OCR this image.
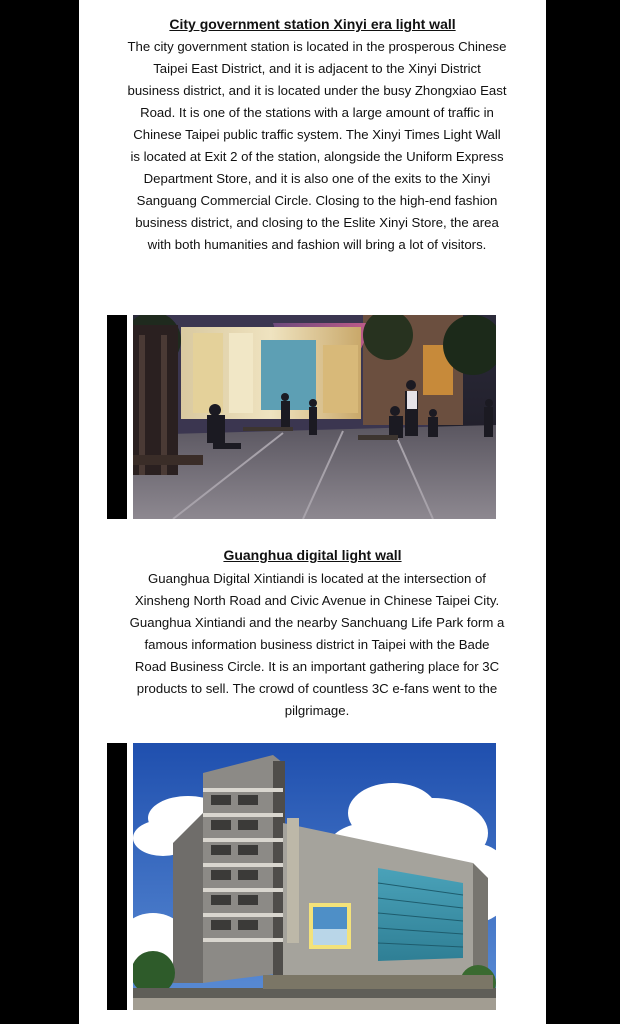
City government station Xinyi era light wall
The city government station is located in the prosperous Chinese Taipei East District, and it is adjacent to the Xinyi District business district, and it is located under the busy Zhongxiao East Road. It is one of the stations with a large amount of traffic in Chinese Taipei public traffic system. The Xinyi Times Light Wall is located at Exit 2 of the station, alongside the Uniform Express Department Store, and it is also one of the exits to the Xinyi Sanguang Commercial Circle. Closing to the high-end fashion business district, and closing to the Eslite Xinyi Store, the area with both humanities and fashion will bring a lot of visitors.
Guanghua digital light wall
Guanghua Digital Xintiandi is located at the intersection of Xinsheng North Road and Civic Avenue in Chinese Taipei City. Guanghua Xintiandi and the nearby Sanchuang Life Park form a famous information business district in Taipei with the Bade Road Business Circle. It is an important gathering place for 3C products to sell. The crowd of countless 3C e-fans went to the pilgrimage.
